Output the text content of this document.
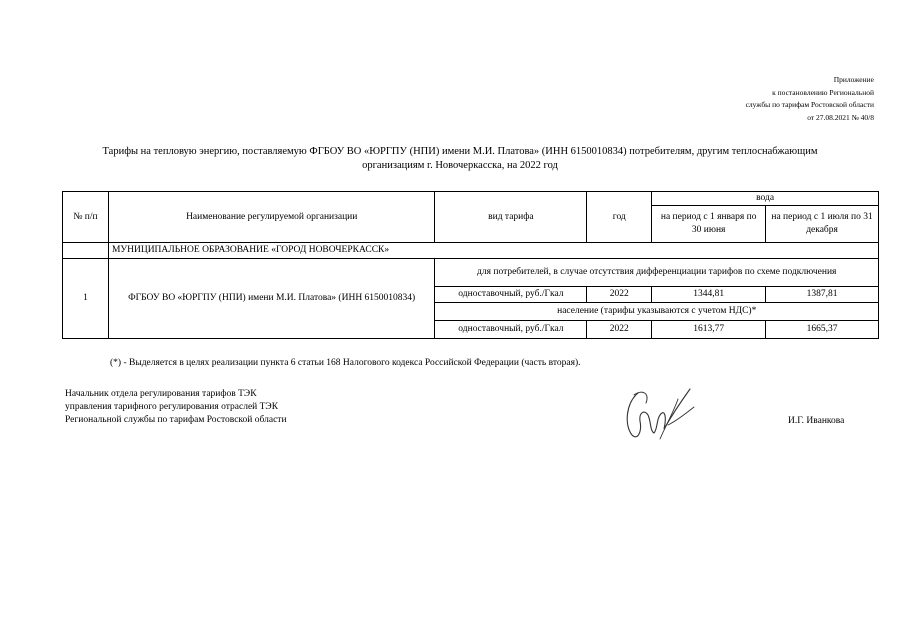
Приложение
к постановлению Региональной
службы по тарифам Ростовской области
от 27.08.2021 № 40/8
Тарифы на тепловую энергию, поставляемую ФГБОУ ВО «ЮРГПУ (НПИ) имени М.И. Платова» (ИНН 6150010834) потребителям, другим теплоснабжающим
организациям г. Новочеркасска, на 2022 год
№ п/п	Наименование регулируемой организации	вид тарифа	год	вода	
				на период с 1 января по 30 июня	на период с 1 июля по 31 декабря
	МУНИЦИПАЛЬНОЕ ОБРАЗОВАНИЕ «ГОРОД НОВОЧЕРКАССК»				
1	ФГБОУ ВО «ЮРГПУ (НПИ) имени М.И. Платова» (ИНН 6150010834)	для потребителей, в случае отсутствия дифференциации тарифов по схеме подключения			
		одноставочный, руб./Гкал	2022	1344,81	1387,81
		население (тарифы указываются с учетом НДС)*			
		одноставочный, руб./Гкал	2022	1613,77	1665,37
(*) - Выделяется в целях реализации пункта 6 статьи 168 Налогового кодекса Российской Федерации (часть вторая).
Начальник отдела регулирования тарифов ТЭК
управления тарифного регулирования отраслей ТЭК
Региональной службы по тарифам Ростовской области	И.Г. Иванкова
